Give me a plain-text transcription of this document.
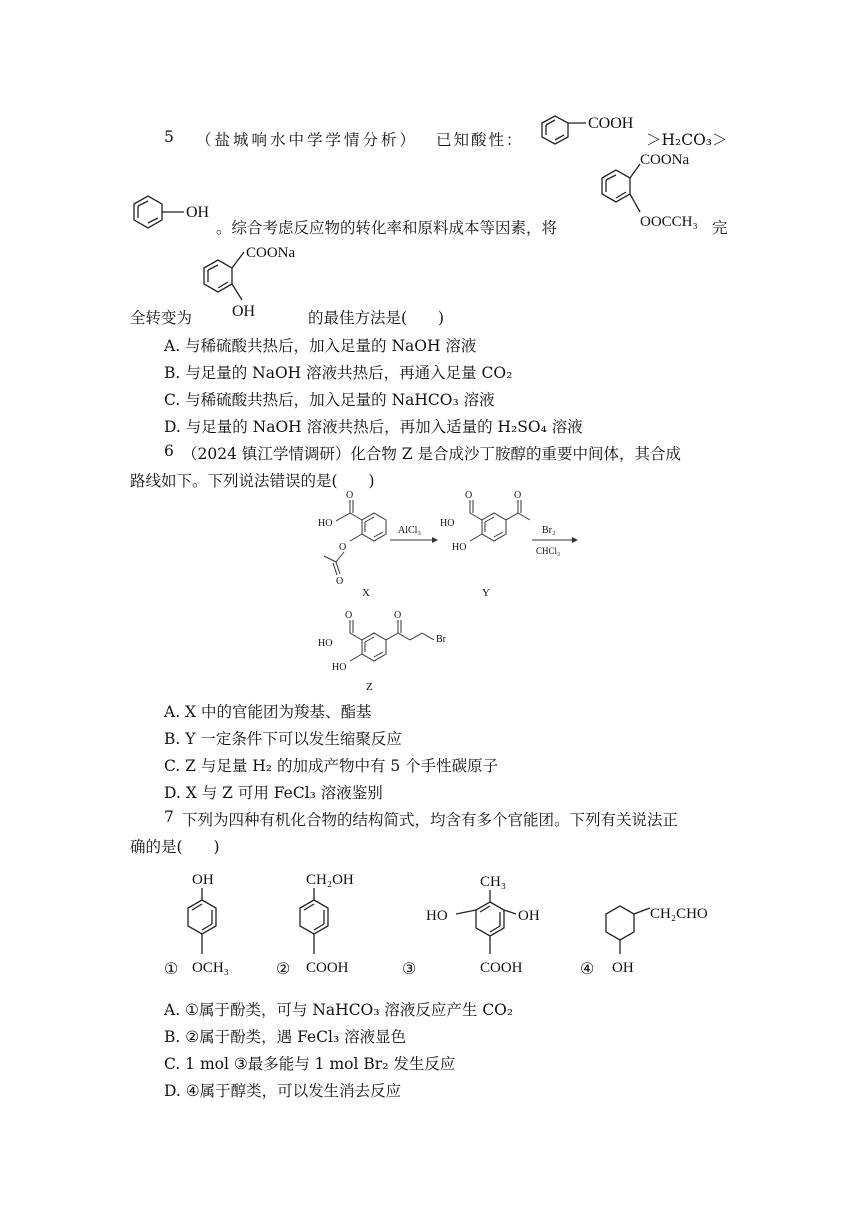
5 （盐城响水中学学情分析） 已知酸性：
COOH
＞H₂CO₃＞
COONa
OOCCH₃
OH
。综合考虑反应物的转化率和原料成本等因素，将	完
COONa
OH
全转变为	的最佳方法是(　　)
A. 与稀硫酸共热后，加入足量的 NaOH 溶液
B. 与足量的 NaOH 溶液共热后，再通入足量 CO₂
C. 与稀硫酸共热后，加入足量的 NaHCO₃ 溶液
D. 与足量的 NaOH 溶液共热后，再加入适量的 H₂SO₄ 溶液
6 （2024 镇江学情调研）化合物 Z 是合成沙丁胺醇的重要中间体，其合成
路线如下。下列说法错误的是(　　)
O
HO
O
O
X
AlCl₃
O
HO
HO
O
Y
Br₂
CHCl₃
O
HO
HO
O
Br
Z
A. X 中的官能团为羧基、酯基
B. Y 一定条件下可以发生缩聚反应
C. Z 与足量 H₂ 的加成产物中有 5 个手性碳原子
D. X 与 Z 可用 FeCl₃ 溶液鉴别
7 下列为四种有机化合物的结构简式，均含有多个官能团。下列有关说法正
确的是(　　)
OH
① OCH₃
CH₂OH
② COOH
CH₃
HO	OH
③	COOH
CH₂CHO
④ OH
A. ①属于酚类，可与 NaHCO₃ 溶液反应产生 CO₂
B. ②属于酚类，遇 FeCl₃ 溶液显色
C. 1 mol ③最多能与 1 mol Br₂ 发生反应
D. ④属于醇类，可以发生消去反应
